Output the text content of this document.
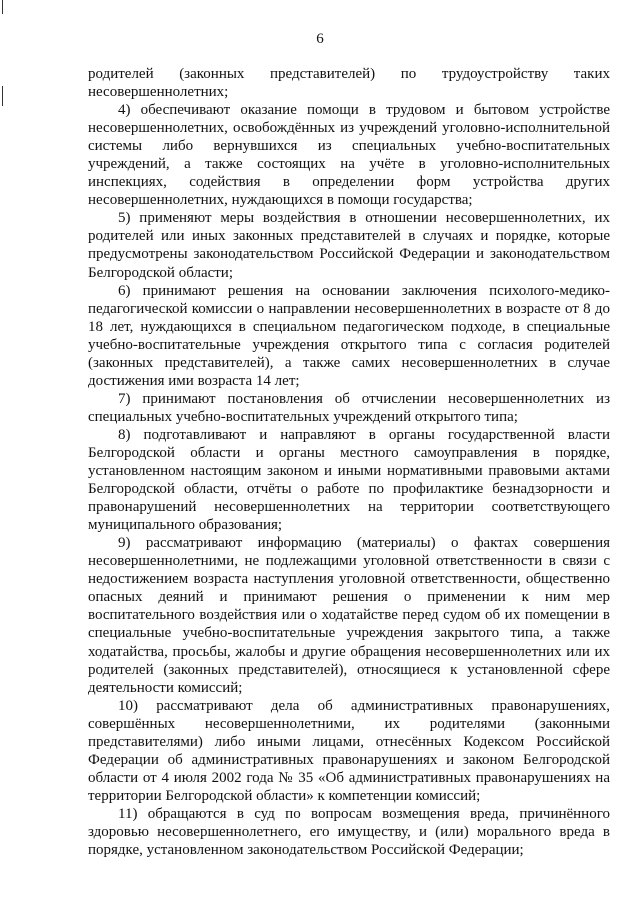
6

родителей (законных представителей) по трудоустройству таких несовершеннолетних;

4) обеспечивают оказание помощи в трудовом и бытовом устройстве несовершеннолетних, освобождённых из учреждений уголовно-исполнительной системы либо вернувшихся из специальных учебно-воспитательных учреждений, а также состоящих на учёте в уголовно-исполнительных инспекциях, содействия в определении форм устройства других несовершеннолетних, нуждающихся в помощи государства;

5) применяют меры воздействия в отношении несовершеннолетних, их родителей или иных законных представителей в случаях и порядке, которые предусмотрены законодательством Российской Федерации и законодательством Белгородской области;

6) принимают решения на основании заключения психолого-медико-педагогической комиссии о направлении несовершеннолетних в возрасте от 8 до 18 лет, нуждающихся в специальном педагогическом подходе, в специальные учебно-воспитательные учреждения открытого типа с согласия родителей (законных представителей), а также самих несовершеннолетних в случае достижения ими возраста 14 лет;

7) принимают постановления об отчислении несовершеннолетних из специальных учебно-воспитательных учреждений открытого типа;

8) подготавливают и направляют в органы государственной власти Белгородской области и органы местного самоуправления в порядке, установленном настоящим законом и иными нормативными правовыми актами Белгородской области, отчёты о работе по профилактике безнадзорности и правонарушений несовершеннолетних на территории соответствующего муниципального образования;

9) рассматривают информацию (материалы) о фактах совершения несовершеннолетними, не подлежащими уголовной ответственности в связи с недостижением возраста наступления уголовной ответственности, общественно опасных деяний и принимают решения о применении к ним мер воспитательного воздействия или о ходатайстве перед судом об их помещении в специальные учебно-воспитательные учреждения закрытого типа, а также ходатайства, просьбы, жалобы и другие обращения несовершеннолетних или их родителей (законных представителей), относящиеся к установленной сфере деятельности комиссий;

10) рассматривают дела об административных правонарушениях, совершённых несовершеннолетними, их родителями (законными представителями) либо иными лицами, отнесённых Кодексом Российской Федерации об административных правонарушениях и законом Белгородской области от 4 июля 2002 года № 35 «Об административных правонарушениях на территории Белгородской области» к компетенции комиссий;

11) обращаются в суд по вопросам возмещения вреда, причинённого здоровью несовершеннолетнего, его имуществу, и (или) морального вреда в порядке, установленном законодательством Российской Федерации;
